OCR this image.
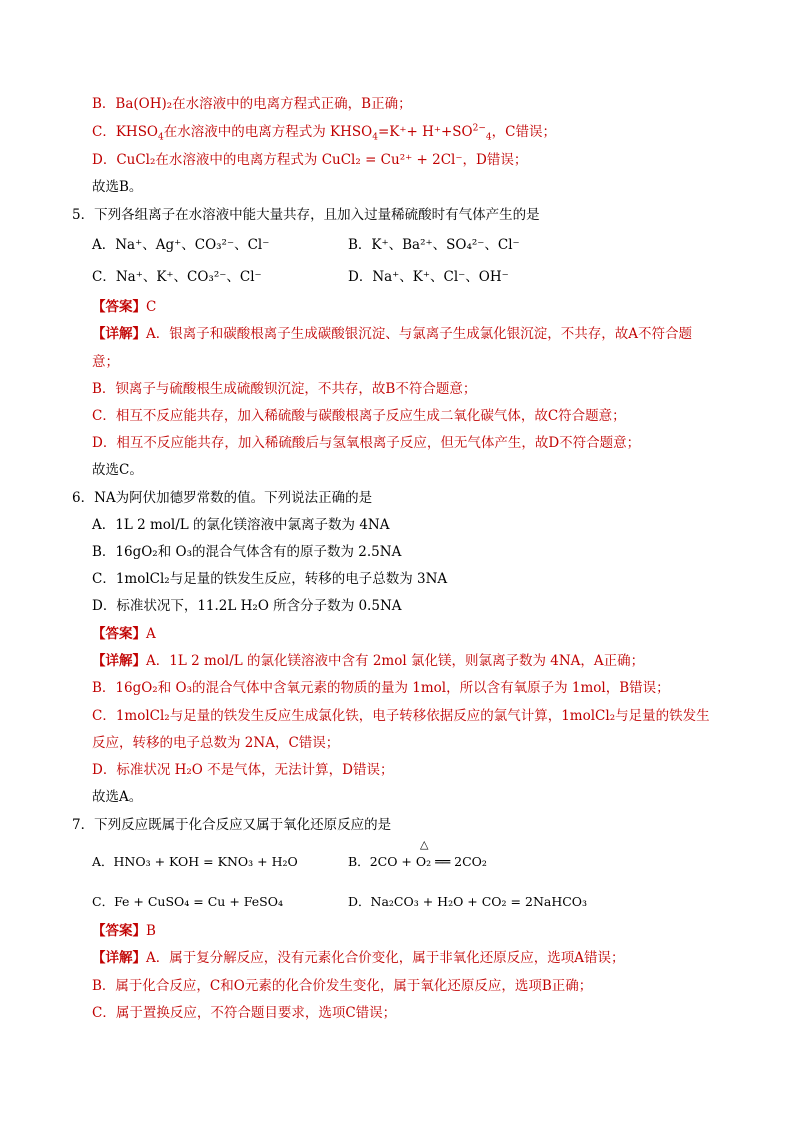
B．Ba(OH)₂在水溶液中的电离方程式正确，B正确；
C．$KHSO_4$在水溶液中的电离方程式为 $KHSO_4=K^++ H^++SO^{2-}_4$，C错误；
D．CuCl₂在水溶液中的电离方程式为 CuCl₂ = Cu²⁺ + 2Cl⁻，D错误；
故选B。
5．下列各组离子在水溶液中能大量共存，且加入过量稀硫酸时有气体产生的是
A．Na⁺、Ag⁺、CO₃²⁻、Cl⁻	B．K⁺、Ba²⁺、SO₄²⁻、Cl⁻
C．Na⁺、K⁺、CO₃²⁻、Cl⁻	D．Na⁺、K⁺、Cl⁻、OH⁻
【答案】C
【详解】A．银离子和碳酸根离子生成碳酸银沉淀、与氯离子生成氯化银沉淀，不共存，故A不符合题
意；
B．钡离子与硫酸根生成硫酸钡沉淀，不共存，故B不符合题意；
C．相互不反应能共存，加入稀硫酸与碳酸根离子反应生成二氧化碳气体，故C符合题意；
D．相互不反应能共存，加入稀硫酸后与氢氧根离子反应，但无气体产生，故D不符合题意；
故选C。
6．NA为阿伏加德罗常数的值。下列说法正确的是
A．1L 2 mol/L 的氯化镁溶液中氯离子数为 4NA
B．16gO₂和 O₃的混合气体含有的原子数为 2.5NA
C．1molCl₂与足量的铁发生反应，转移的电子总数为 3NA
D．标准状况下，11.2L H₂O 所含分子数为 0.5NA
【答案】A
【详解】A．1L 2 mol/L 的氯化镁溶液中含有 2mol 氯化镁，则氯离子数为 4NA，A正确；
B．16gO₂和 O₃的混合气体中含氧元素的物质的量为 1mol，所以含有氧原子为 1mol，B错误；
C．1molCl₂与足量的铁发生反应生成氯化铁，电子转移依据反应的氯气计算，1molCl₂与足量的铁发生
反应，转移的电子总数为 2NA，C错误；
D．标准状况 H₂O 不是气体，无法计算，D错误；
故选A。
7．下列反应既属于化合反应又属于氧化还原反应的是
A．HNO₃ + KOH = KNO₃ + H₂O	B．2CO + O₂ ══ 2CO₂
△
C．Fe + CuSO₄ = Cu + FeSO₄	D．Na₂CO₃ + H₂O + CO₂ = 2NaHCO₃
【答案】B
【详解】A．属于复分解反应，没有元素化合价变化，属于非氧化还原反应，选项A错误；
B．属于化合反应，C和O元素的化合价发生变化，属于氧化还原反应，选项B正确；
C．属于置换反应，不符合题目要求，选项C错误；
